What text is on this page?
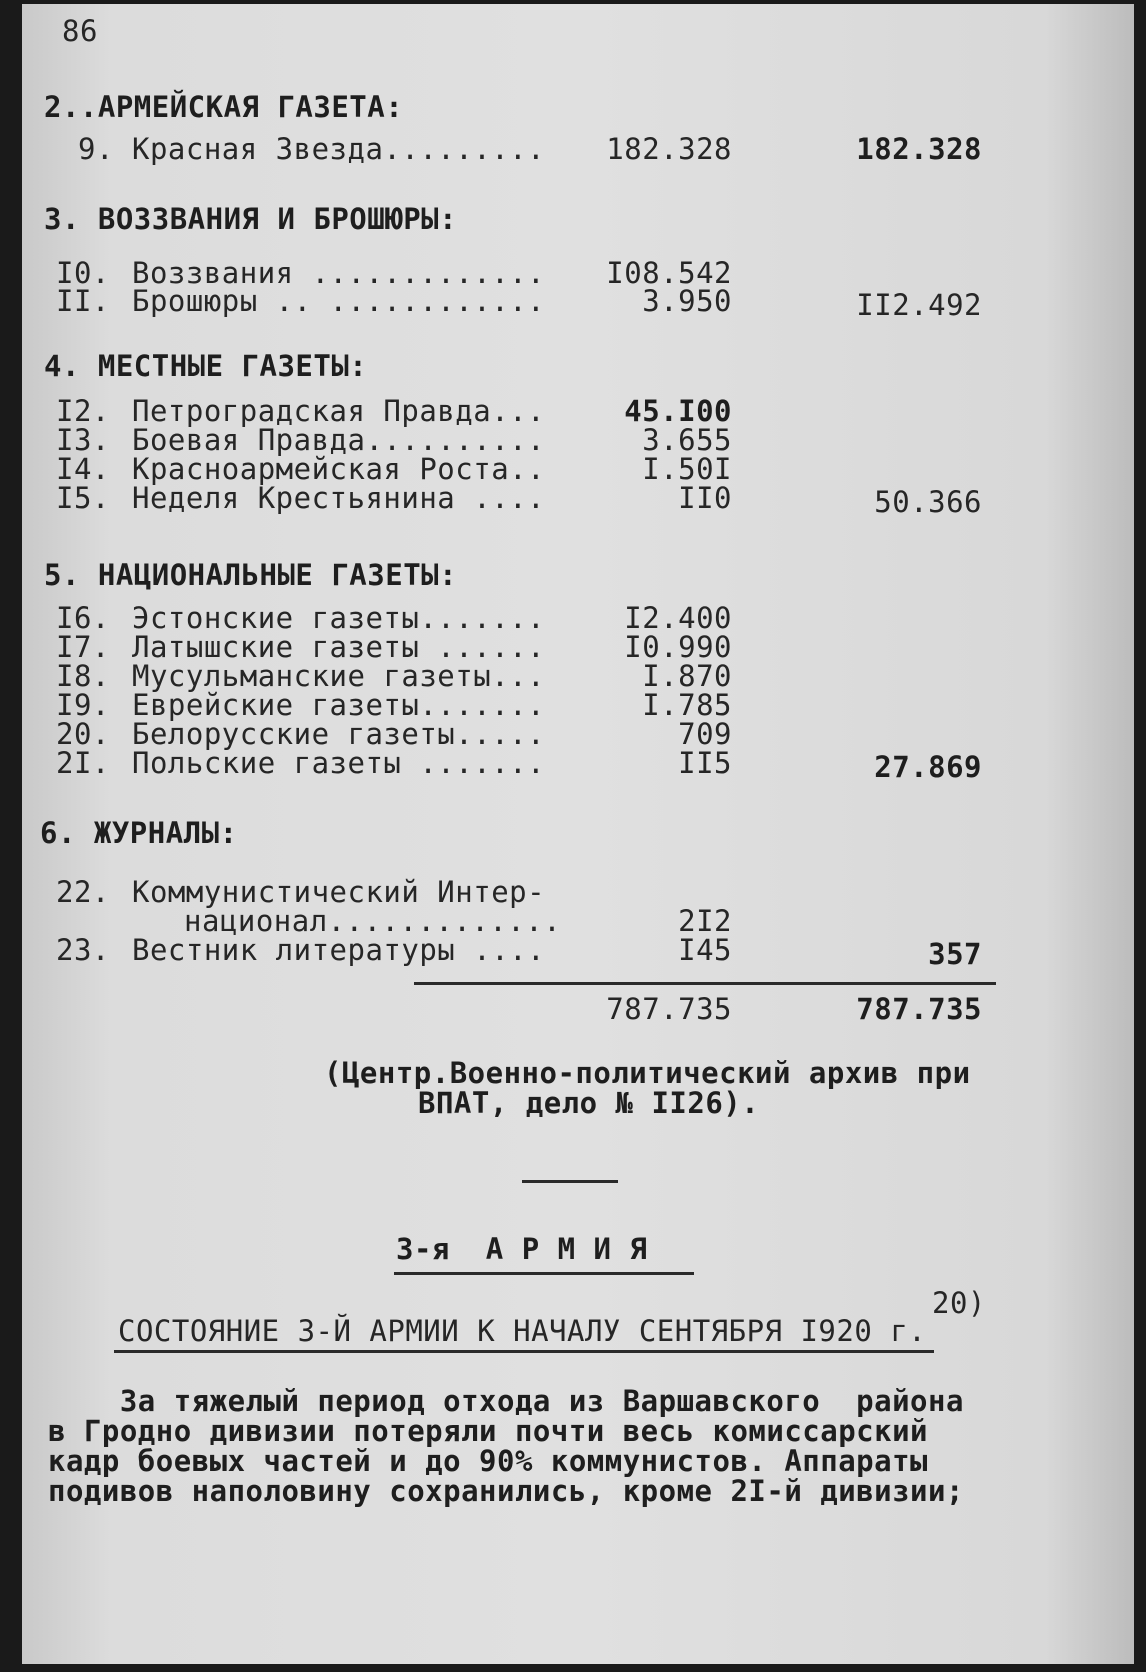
86
2..АРМЕЙСКАЯ ГАЗЕТА:
9. Красная Звезда.........	182.328	182.328
3. ВОЗЗВАНИЯ И БРОШЮРЫ:
I0. Воззвания .............	I08.542
II. Брошюры .. ............	3.950	II2.492
4. МЕСТНЫЕ ГАЗЕТЫ:
I2. Петроградская Правда...	45.I00
I3. Боевая Правда..........	3.655
I4. Красноармейская Роста..	I.50I
I5. Неделя Крестьянина ....	II0	50.366
5. НАЦИОНАЛЬНЫЕ ГАЗЕТЫ:
I6. Эстонские газеты.......	I2.400
I7. Латышские газеты ......	I0.990
I8. Мусульманские газеты...	I.870
I9. Еврейские газеты.......	I.785
20. Белорусские газеты.....	709
2I. Польские газеты .......	II5	27.869
6. ЖУРНАЛЫ:
22. Коммунистический Интер-
национал.............	2I2
23. Вестник литературы ....	I45	357
787.735	787.735
(Центр.Военно-политический архив при
ВПАТ, дело № II26).
3-я  А Р М И Я
20)
СОСТОЯНИЕ 3-Й АРМИИ К НАЧАЛУ СЕНТЯБРЯ I920 г.
За тяжелый период отхода из Варшавского  района
в Гродно дивизии потеряли почти весь комиссарский
кадр боевых частей и до 90% коммунистов. Аппараты
подивов наполовину сохранились, кроме 2I-й дивизии;
